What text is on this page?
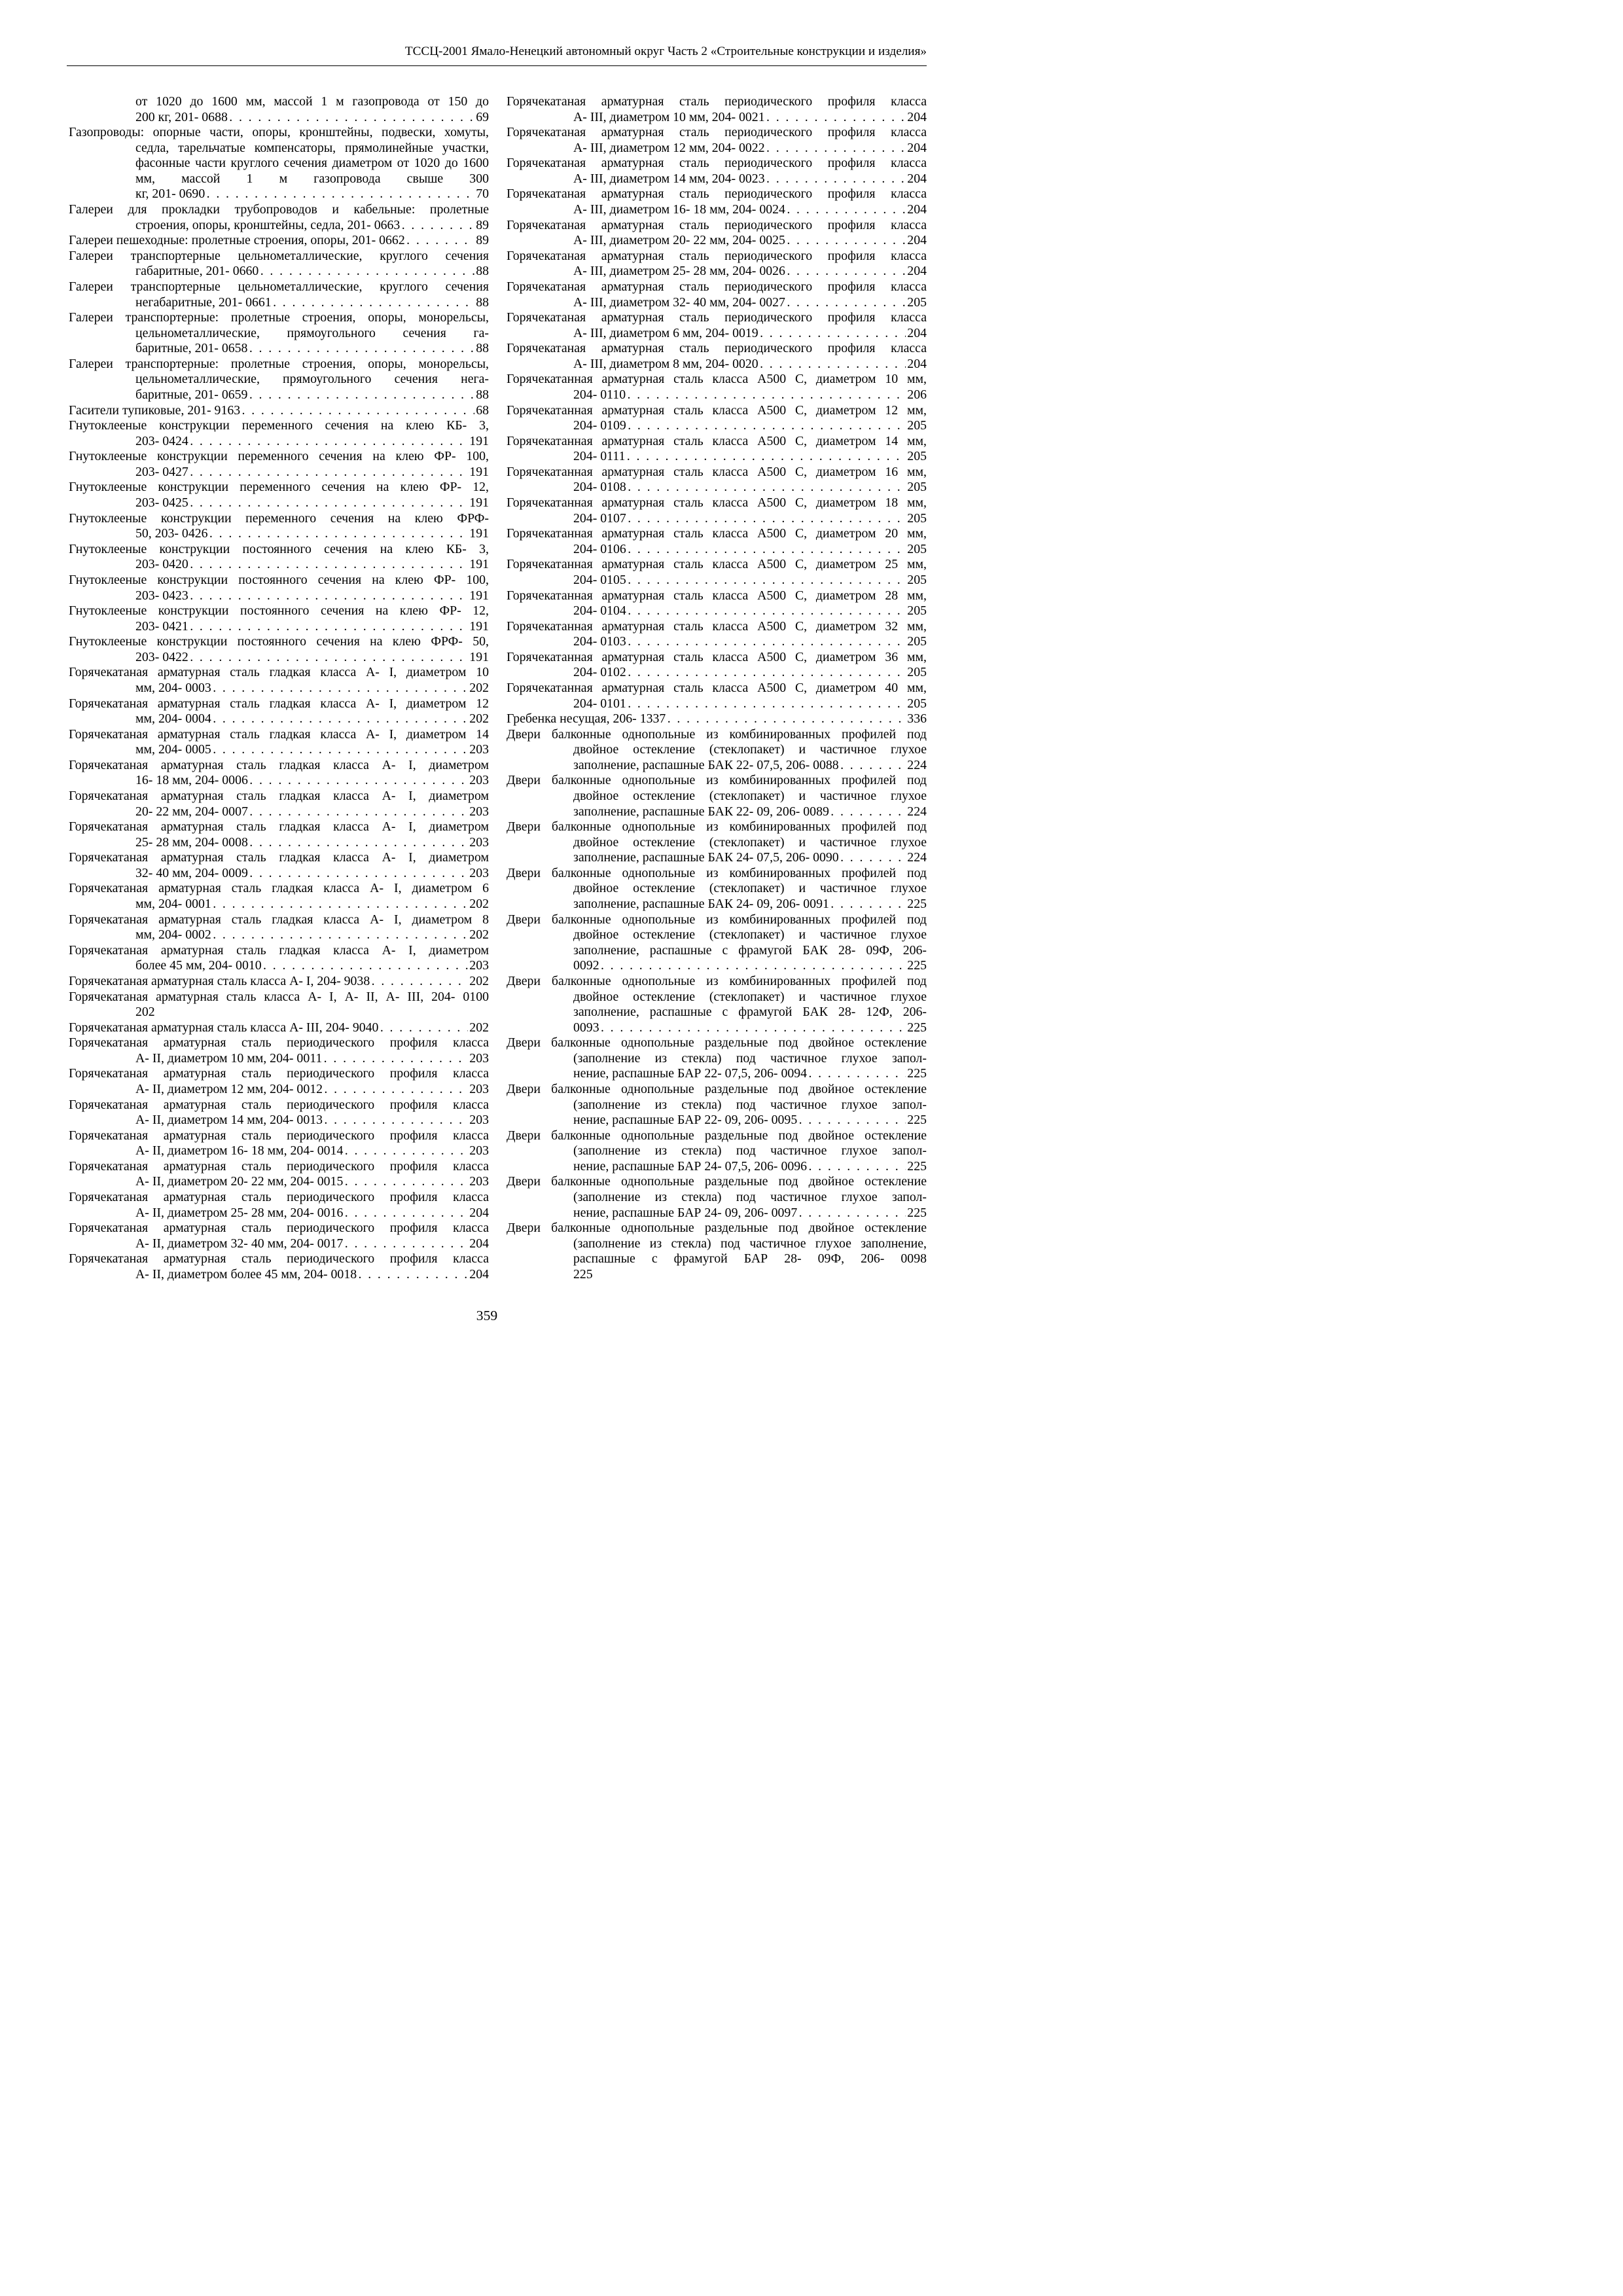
ТССЦ-2001 Ямало-Ненецкий автономный округ Часть 2 «Строительные конструкции и изделия»
от 1020 до 1600 мм, массой 1 м газопровода от 150 до
200 кг, 201- 0688 . . .	69
Газопроводы: опорные части, опоры, кронштейны, подвески, хомуты, седла, тарельчатые компенсаторы, прямолинейные участки, фасонные части круглого сечения диаметром от 1020 до 1600 мм, массой 1 м газопровода свыше 300
кг, 201- 0690 . . .	70
Галереи для прокладки трубопроводов и кабельные: пролетные
строения, опоры, кронштейны, седла, 201- 0663 . . .	89
Галереи пешеходные: пролетные строения, опоры, 201- 0662 . . .	89
Галереи транспортерные цельнометаллические, круглого сечения
габаритные, 201- 0660 . . .	88
Галереи транспортерные цельнометаллические, круглого сечения
негабаритные, 201- 0661 . . .	88
Галереи транспортерные: пролетные строения, опоры, монорельсы, цельнометаллические, прямоугольного сечения га-
баритные, 201- 0658 . . .	88
Галереи транспортерные: пролетные строения, опоры, монорельсы, цельнометаллические, прямоугольного сечения нега-
баритные, 201- 0659 . . .	88
Гасители тупиковые, 201- 9163 . . .	68
Гнутоклееные конструкции переменного сечения на клею КБ- 3,
203- 0424 . . .	191
Гнутоклееные конструкции переменного сечения на клею ФР- 100,
203- 0427 . . .	191
Гнутоклееные конструкции переменного сечения на клею ФР- 12,
203- 0425 . . .	191
Гнутоклееные конструкции переменного сечения на клею ФРФ-
50, 203- 0426 . . .	191
Гнутоклееные конструкции постоянного сечения на клею КБ- 3,
203- 0420 . . .	191
Гнутоклееные конструкции постоянного сечения на клею ФР- 100,
203- 0423 . . .	191
Гнутоклееные конструкции постоянного сечения на клею ФР- 12,
203- 0421 . . .	191
Гнутоклееные конструкции постоянного сечения на клею ФРФ- 50,
203- 0422 . . .	191
Горячекатаная арматурная сталь гладкая класса А- I, диаметром 10
мм, 204- 0003 . . .	202
Горячекатаная арматурная сталь гладкая класса А- I, диаметром 12
мм, 204- 0004 . . .	202
Горячекатаная арматурная сталь гладкая класса А- I, диаметром 14
мм, 204- 0005 . . .	203
Горячекатаная арматурная сталь гладкая класса А- I, диаметром
16- 18 мм, 204- 0006 . . .	203
Горячекатаная арматурная сталь гладкая класса А- I, диаметром
20- 22 мм, 204- 0007 . . .	203
Горячекатаная арматурная сталь гладкая класса А- I, диаметром
25- 28 мм, 204- 0008 . . .	203
Горячекатаная арматурная сталь гладкая класса А- I, диаметром
32- 40 мм, 204- 0009 . . .	203
Горячекатаная арматурная сталь гладкая класса А- I, диаметром 6
мм, 204- 0001 . . .	202
Горячекатаная арматурная сталь гладкая класса А- I, диаметром 8
мм, 204- 0002 . . .	202
Горячекатаная арматурная сталь гладкая класса А- I, диаметром
более 45 мм, 204- 0010 . . .	203
Горячекатаная арматурная сталь класса А- I, 204- 9038 . . .	202
Горячекатаная арматурная сталь класса А- I, А- II, А- III, 204- 0100
202
Горячекатаная арматурная сталь класса А- III, 204- 9040 . . .	202
Горячекатаная арматурная сталь периодического профиля класса
А- II, диаметром 10 мм, 204- 0011 . . .	203
Горячекатаная арматурная сталь периодического профиля класса
А- II, диаметром 12 мм, 204- 0012 . . .	203
Горячекатаная арматурная сталь периодического профиля класса
А- II, диаметром 14 мм, 204- 0013 . . .	203
Горячекатаная арматурная сталь периодического профиля класса
А- II, диаметром 16- 18 мм, 204- 0014 . . .	203
Горячекатаная арматурная сталь периодического профиля класса
А- II, диаметром 20- 22 мм, 204- 0015 . . .	203
Горячекатаная арматурная сталь периодического профиля класса
А- II, диаметром 25- 28 мм, 204- 0016 . . .	204
Горячекатаная арматурная сталь периодического профиля класса
А- II, диаметром 32- 40 мм, 204- 0017 . . .	204
Горячекатаная арматурная сталь периодического профиля класса
А- II, диаметром более 45 мм, 204- 0018 . . .	204
Горячекатаная арматурная сталь периодического профиля класса
А- III, диаметром 10 мм, 204- 0021 . . .	204
Горячекатаная арматурная сталь периодического профиля класса
А- III, диаметром 12 мм, 204- 0022 . . .	204
Горячекатаная арматурная сталь периодического профиля класса
А- III, диаметром 14 мм, 204- 0023 . . .	204
Горячекатаная арматурная сталь периодического профиля класса
А- III, диаметром 16- 18 мм, 204- 0024 . . .	204
Горячекатаная арматурная сталь периодического профиля класса
А- III, диаметром 20- 22 мм, 204- 0025 . . .	204
Горячекатаная арматурная сталь периодического профиля класса
А- III, диаметром 25- 28 мм, 204- 0026 . . .	204
Горячекатаная арматурная сталь периодического профиля класса
А- III, диаметром 32- 40 мм, 204- 0027 . . .	205
Горячекатаная арматурная сталь периодического профиля класса
А- III, диаметром 6 мм, 204- 0019 . . .	204
Горячекатаная арматурная сталь периодического профиля класса
А- III, диаметром 8 мм, 204- 0020 . . .	204
Горячекатанная арматурная сталь класса А500 С, диаметром 10 мм,
204- 0110 . . .	206
Горячекатанная арматурная сталь класса А500 С, диаметром 12 мм,
204- 0109 . . .	205
Горячекатанная арматурная сталь класса А500 С, диаметром 14 мм,
204- 0111 . . .	205
Горячекатанная арматурная сталь класса А500 С, диаметром 16 мм,
204- 0108 . . .	205
Горячекатанная арматурная сталь класса А500 С, диаметром 18 мм,
204- 0107 . . .	205
Горячекатанная арматурная сталь класса А500 С, диаметром 20 мм,
204- 0106 . . .	205
Горячекатанная арматурная сталь класса А500 С, диаметром 25 мм,
204- 0105 . . .	205
Горячекатанная арматурная сталь класса А500 С, диаметром 28 мм,
204- 0104 . . .	205
Горячекатанная арматурная сталь класса А500 С, диаметром 32 мм,
204- 0103 . . .	205
Горячекатанная арматурная сталь класса А500 С, диаметром 36 мм,
204- 0102 . . .	205
Горячекатанная арматурная сталь класса А500 С, диаметром 40 мм,
204- 0101 . . .	205
Гребенка несущая, 206- 1337 . . .	336
Двери балконные однопольные из комбинированных профилей под двойное остекление (стеклопакет) и частичное глухое
заполнение, распашные БАК 22- 07,5, 206- 0088 . . .	224
Двери балконные однопольные из комбинированных профилей под двойное остекление (стеклопакет) и частичное глухое
заполнение, распашные БАК 22- 09, 206- 0089 . . .	224
Двери балконные однопольные из комбинированных профилей под двойное остекление (стеклопакет) и частичное глухое
заполнение, распашные БАК 24- 07,5, 206- 0090 . . .	224
Двери балконные однопольные из комбинированных профилей под двойное остекление (стеклопакет) и частичное глухое
заполнение, распашные БАК 24- 09, 206- 0091 . . .	225
Двери балконные однопольные из комбинированных профилей под двойное остекление (стеклопакет) и частичное глухое заполнение, распашные с фрамугой БАК 28- 09Ф, 206-
0092 . . .	225
Двери балконные однопольные из комбинированных профилей под двойное остекление (стеклопакет) и частичное глухое заполнение, распашные с фрамугой БАК 28- 12Ф, 206-
0093 . . .	225
Двери балконные однопольные раздельные под двойное остекление (заполнение из стекла) под частичное глухое запол-
нение, распашные БАР 22- 07,5, 206- 0094 . . .	225
Двери балконные однопольные раздельные под двойное остекление (заполнение из стекла) под частичное глухое запол-
нение, распашные БАР 22- 09, 206- 0095 . . .	225
Двери балконные однопольные раздельные под двойное остекление (заполнение из стекла) под частичное глухое запол-
нение, распашные БАР 24- 07,5, 206- 0096 . . .	225
Двери балконные однопольные раздельные под двойное остекление (заполнение из стекла) под частичное глухое запол-
нение, распашные БАР 24- 09, 206- 0097 . . .	225
Двери балконные однопольные раздельные под двойное остекление (заполнение из стекла) под частичное глухое заполнение, распашные с фрамугой БАР 28- 09Ф, 206- 0098
225
359
